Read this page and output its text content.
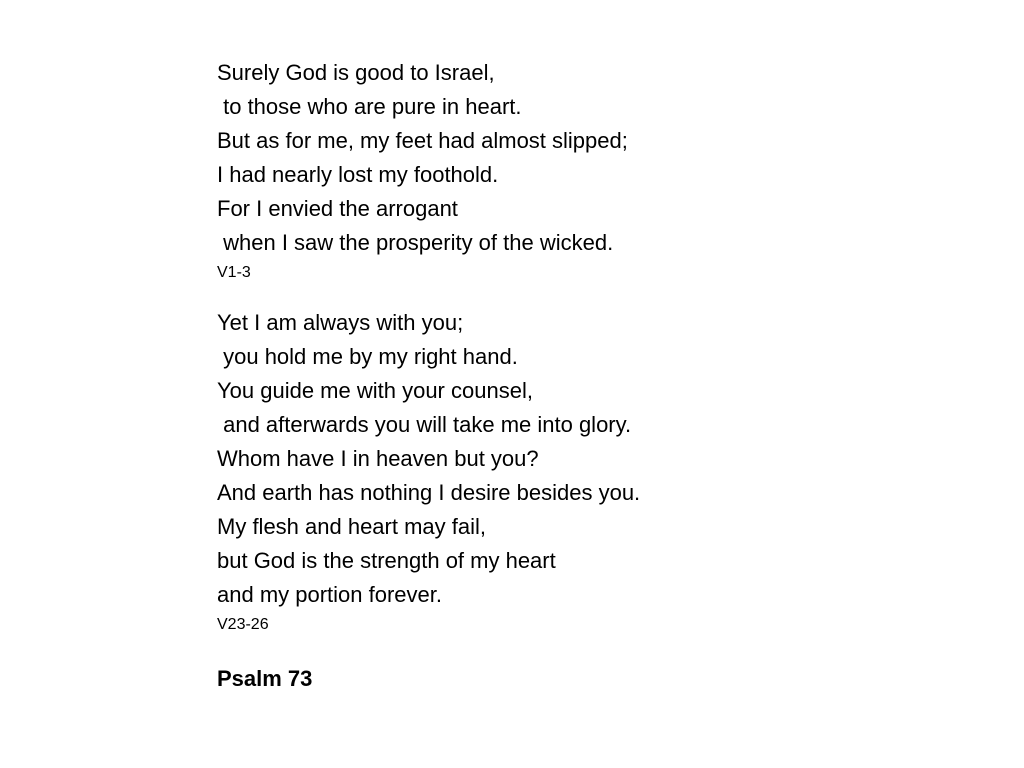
Surely God is good to Israel,
to those who are pure in heart.
But as for me, my feet had almost slipped;
I had nearly lost my foothold.
For I envied the arrogant
when I saw the prosperity of the wicked.
V1-3
Yet I am always with you;
you hold me by my right hand.
You guide me with your counsel,
and afterwards you will take me into glory.
Whom have I in heaven but you?
And earth has nothing I desire besides you.
My flesh and heart may fail,
but God is the strength of my heart
and my portion forever.
V23-26
Psalm 73
